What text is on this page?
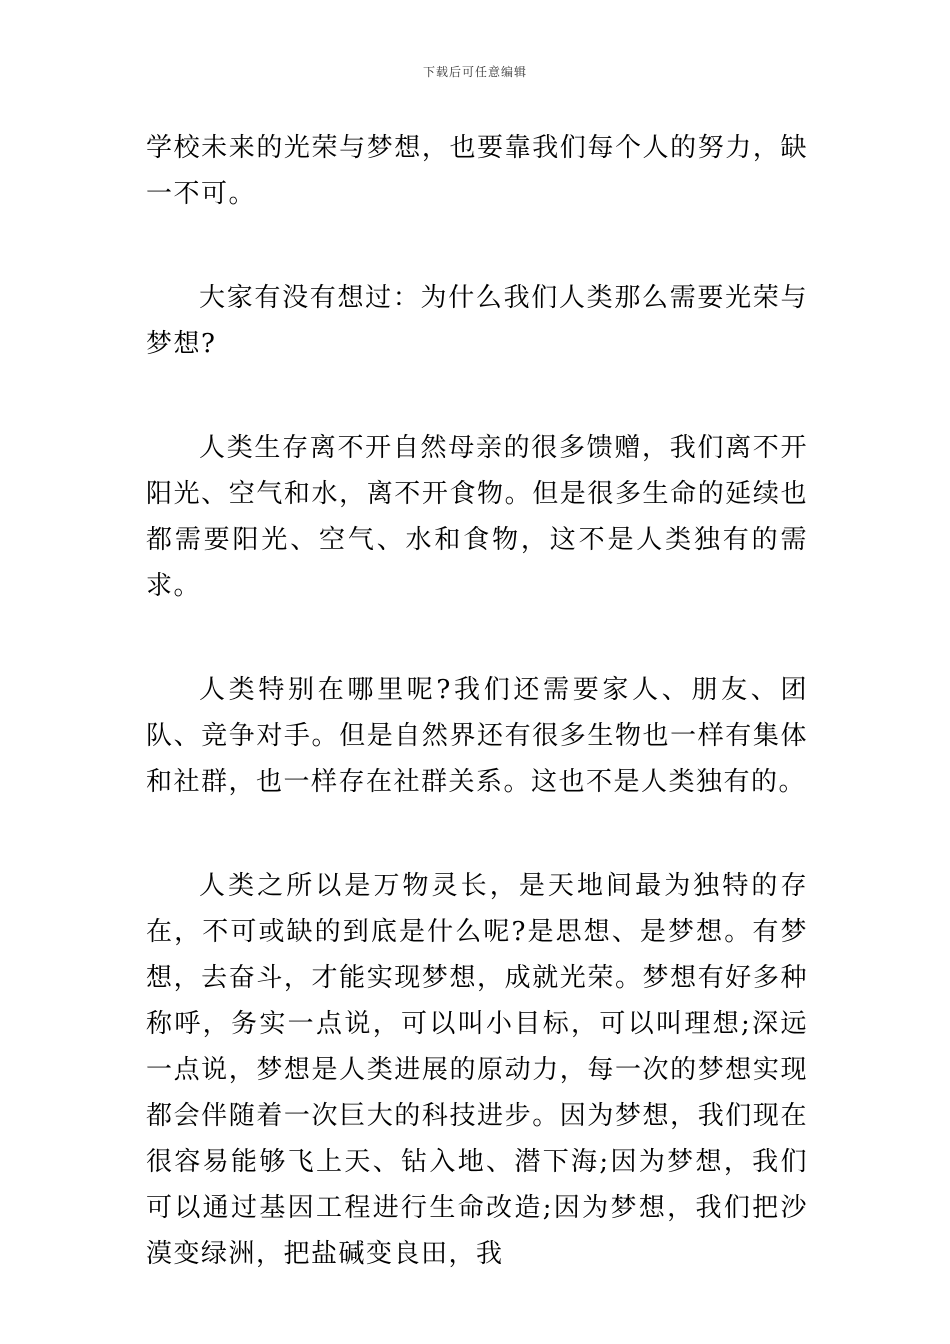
下载后可任意编辑

学校未来的光荣与梦想，也要靠我们每个人的努力，缺一不可。

大家有没有想过：为什么我们人类那么需要光荣与梦想?

人类生存离不开自然母亲的很多馈赠，我们离不开阳光、空气和水，离不开食物。但是很多生命的延续也都需要阳光、空气、水和食物，这不是人类独有的需求。

人类特别在哪里呢?我们还需要家人、朋友、团队、竞争对手。但是自然界还有很多生物也一样有集体和社群，也一样存在社群关系。这也不是人类独有的。

人类之所以是万物灵长，是天地间最为独特的存在，不可或缺的到底是什么呢?是思想、是梦想。有梦想，去奋斗，才能实现梦想，成就光荣。梦想有好多种称呼，务实一点说，可以叫小目标，可以叫理想;深远一点说，梦想是人类进展的原动力，每一次的梦想实现都会伴随着一次巨大的科技进步。因为梦想，我们现在很容易能够飞上天、钻入地、潜下海;因为梦想，我们可以通过基因工程进行生命改造;因为梦想，我们把沙漠变绿洲，把盐碱变良田，我
